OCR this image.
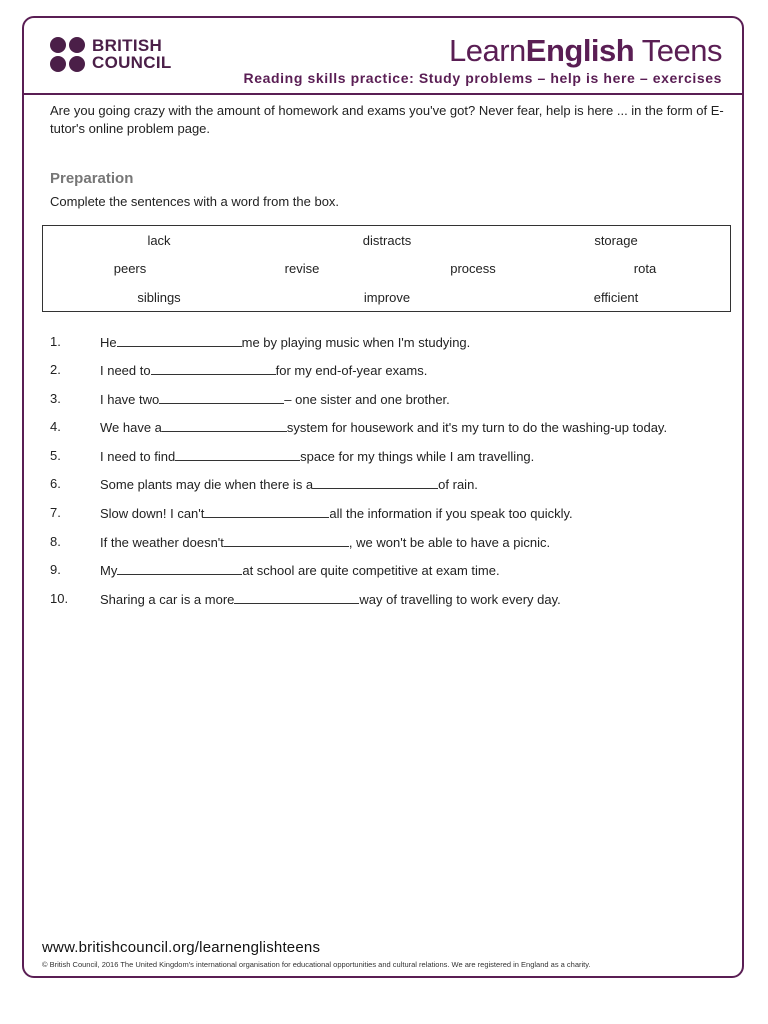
BRITISH
COUNCIL	LearnEnglish Teens
Reading skills practice: Study problems – help is here – exercises
Are you going crazy with the amount of homework and exams you've got? Never fear, help is here ... in the form of E-tutor's online problem page.
Preparation
Complete the sentences with a word from the box.
lack	distracts	storage
peers	revise	process	rota
siblings	improve	efficient
1.	He	me by playing music when I'm studying.
2.	I need to	for my end-of-year exams.
3.	I have two	– one sister and one brother.
4.	We have a	system for housework and it's my turn to do the washing-up today.
5.	I need to find	space for my things while I am travelling.
6.	Some plants may die when there is a	of rain.
7.	Slow down! I can't	all the information if you speak too quickly.
8.	If the weather doesn't	, we won't be able to have a picnic.
9.	My	at school are quite competitive at exam time.
10.	Sharing a car is a more	way of travelling to work every day.
www.britishcouncil.org/learnenglishteens
© British Council, 2016 The United Kingdom's international organisation for educational opportunities and cultural relations. We are registered in England as a charity.
